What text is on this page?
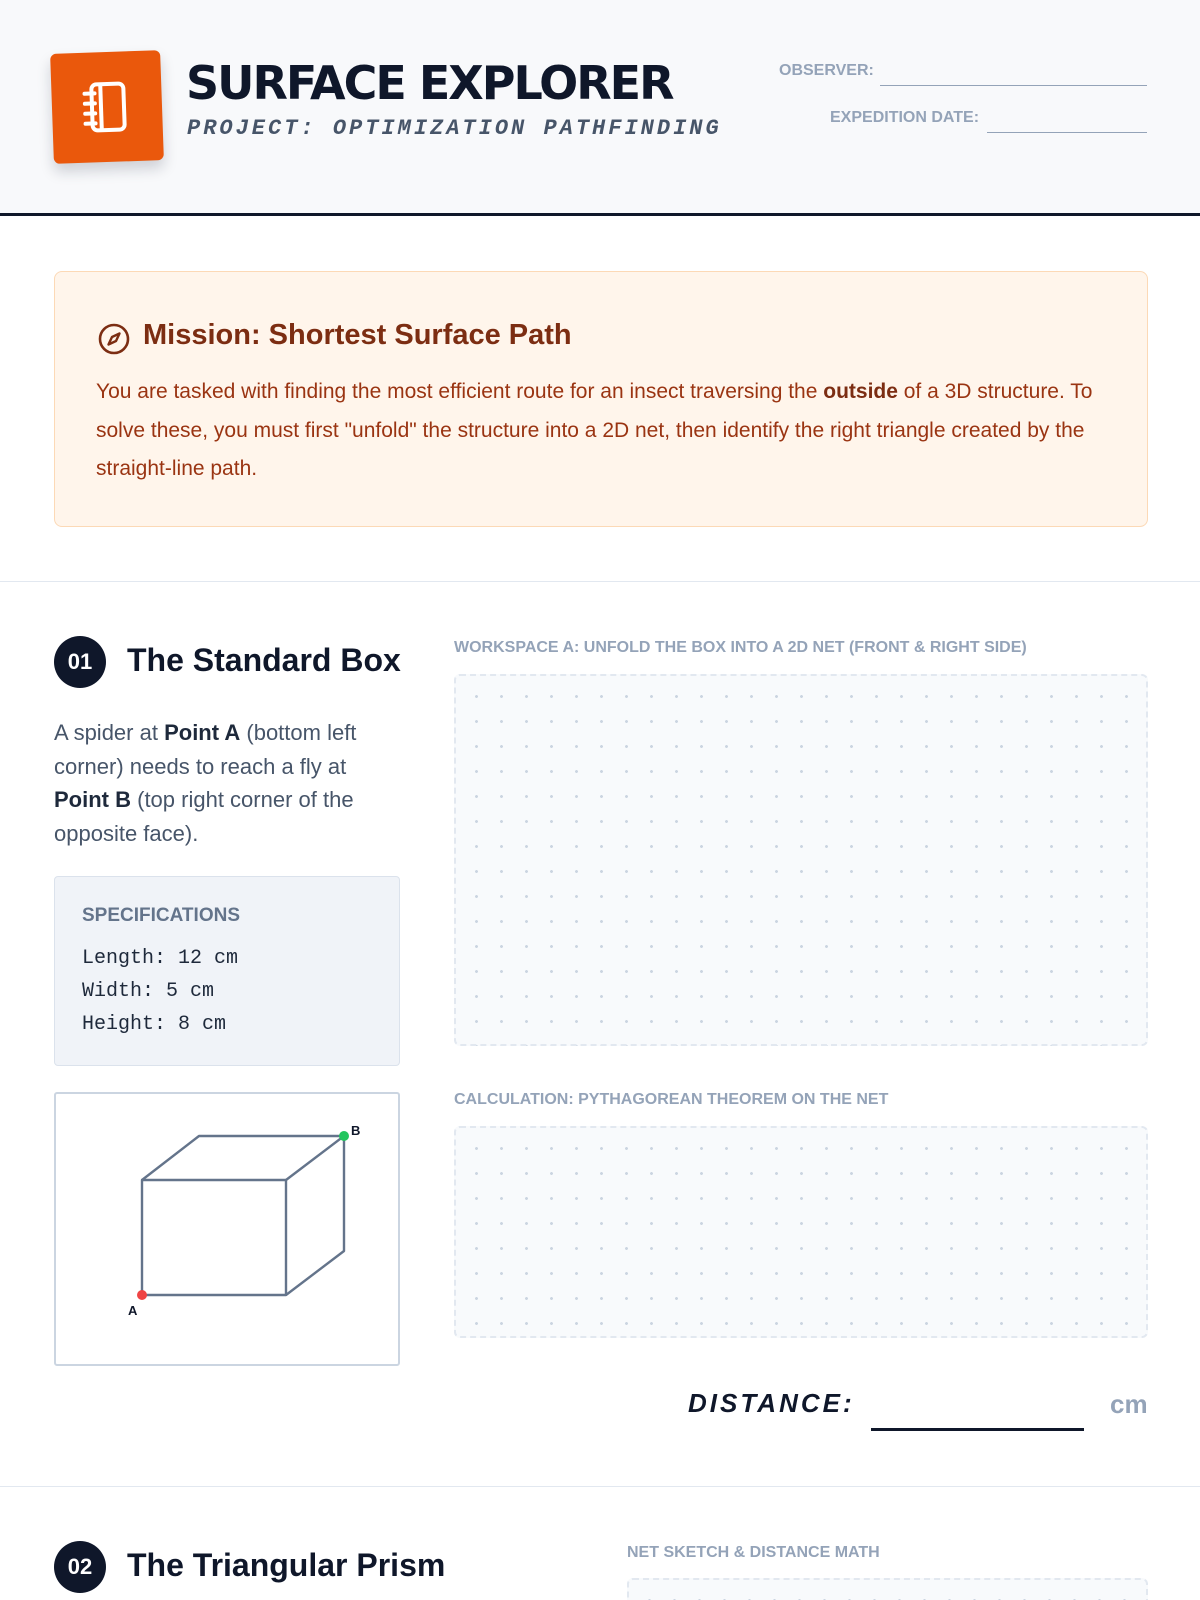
SURFACE EXPLORER
PROJECT: OPTIMIZATION PATHFINDING
OBSERVER:
EXPEDITION DATE:
Mission: Shortest Surface Path
You are tasked with finding the most efficient route for an insect traversing the outside of a 3D structure. To solve these, you must first "unfold" the structure into a 2D net, then identify the right triangle created by the straight-line path.
01	The Standard Box
A spider at Point A (bottom left corner) needs to reach a fly at Point B (top right corner of the opposite face).
SPECIFICATIONS
Length: 12 cm
Width: 5 cm
Height: 8 cm
A
B
WORKSPACE A: UNFOLD THE BOX INTO A 2D NET (FRONT & RIGHT SIDE)
CALCULATION: PYTHAGOREAN THEOREM ON THE NET
DISTANCE:	cm
02	The Triangular Prism	NET SKETCH & DISTANCE MATH
